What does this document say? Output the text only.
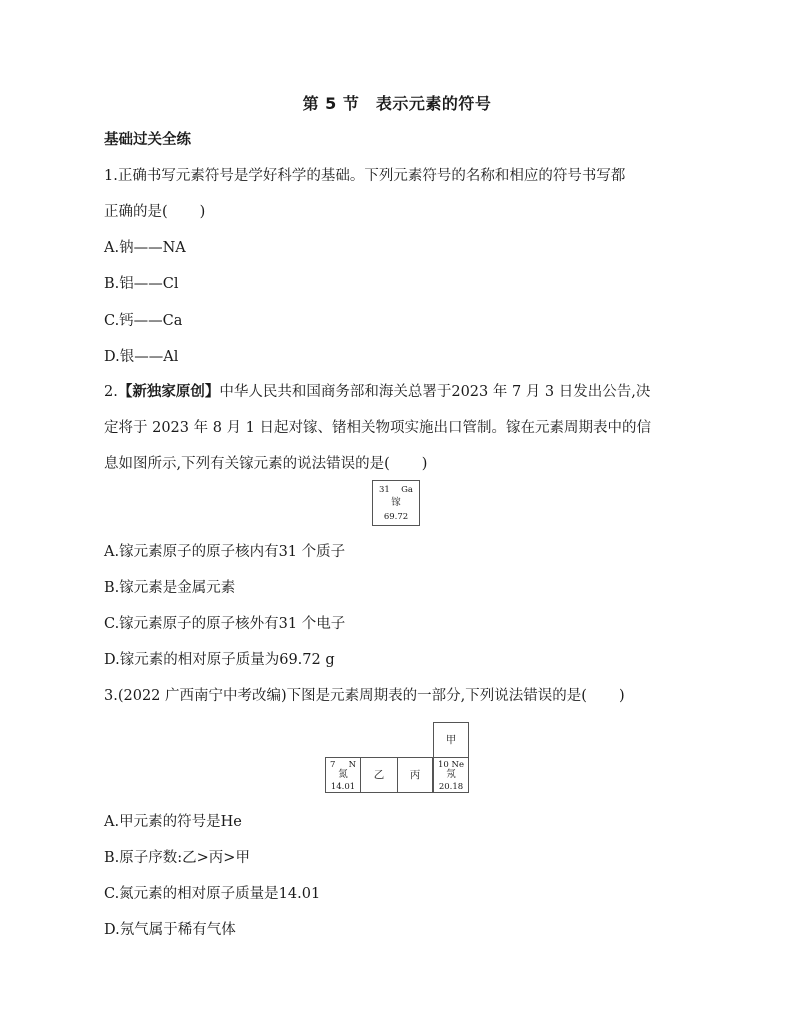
第 5 节　表示元素的符号
基础过关全练
1.正确书写元素符号是学好科学的基础。下列元素符号的名称和相应的符号书写都
正确的是( )
A.钠——NA
B.铝——Cl
C.钙——Ca
D.银——Al
2.【新独家原创】中华人民共和国商务部和海关总署于2023 年 7 月 3 日发出公告,决
定将于 2023 年 8 月 1 日起对镓、锗相关物项实施出口管制。镓在元素周期表中的信
息如图所示,下列有关镓元素的说法错误的是( )
31 Ga
镓
69.72
A.镓元素原子的原子核内有31 个质子
B.镓元素是金属元素
C.镓元素原子的原子核外有31 个电子
D.镓元素的相对原子质量为69.72 g
3.(2022 广西南宁中考改编)下图是元素周期表的一部分,下列说法错误的是( )
甲
7 N
氮
14.01
乙	丙
10 Ne
氖
20.18
A.甲元素的符号是He
B.原子序数:乙>丙>甲
C.氮元素的相对原子质量是14.01
D.氖气属于稀有气体
